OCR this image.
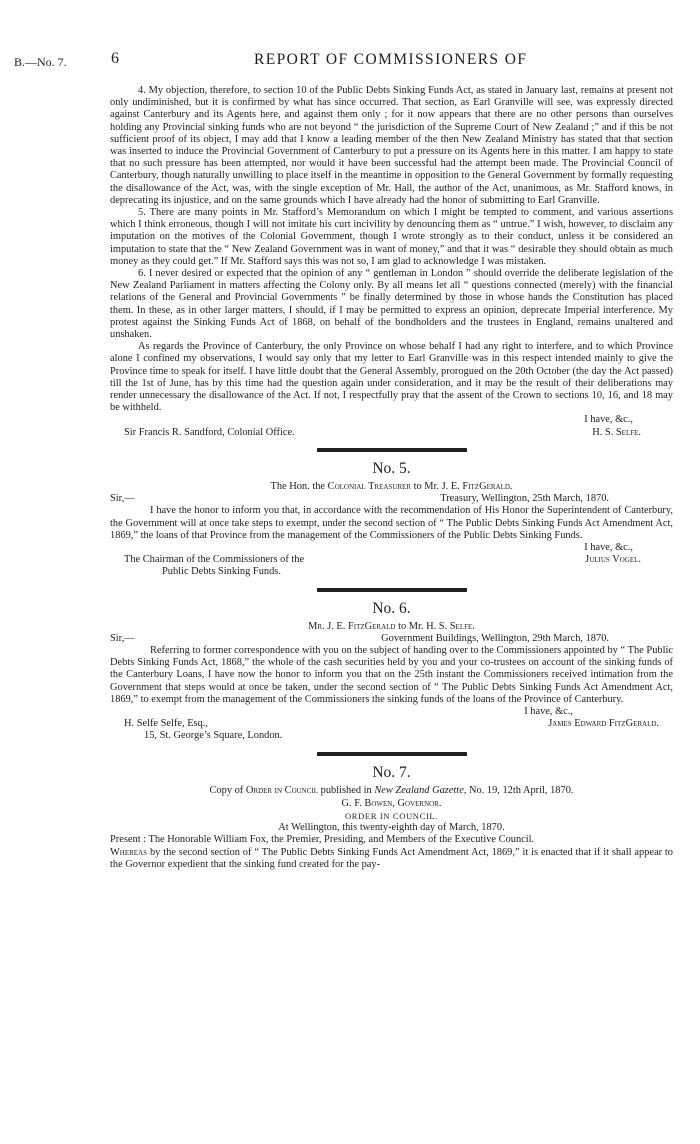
B.—No. 7.	6	REPORT OF COMMISSIONERS OF

4. My objection, therefore, to section 10 of the Public Debts Sinking Funds Act, as stated in January last, remains at present not only undiminished, but it is confirmed by what has since occurred. That section, as Earl Granville will see, was expressly directed against Canterbury and its Agents here, and against them only ; for it now appears that there are no other persons than ourselves holding any Provincial sinking funds who are not beyond “ the jurisdiction of the Supreme Court of New Zealand ;” and if this be not sufficient proof of its object, I may add that I know a leading member of the then New Zealand Ministry has stated that that section was inserted to induce the Provincial Government of Canterbury to put a pressure on its Agents here in this matter. I am happy to state that no such pressure has been attempted, nor would it have been successful had the attempt been made. The Provincial Council of Canterbury, though naturally unwilling to place itself in the meantime in opposition to the General Government by formally requesting the disallowance of the Act, was, with the single exception of Mr. Hall, the author of the Act, unanimous, as Mr. Stafford knows, in deprecating its injustice, and on the same grounds which I have already had the honor of submitting to Earl Granville.

5. There are many points in Mr. Stafford’s Memorandum on which I might be tempted to comment, and various assertions which I think erroneous, though I will not imitate his curt incivility by denouncing them as “ untrue.” I wish, however, to disclaim any imputation on the motives of the Colonial Government, though I wrote strongly as to their conduct, unless it be considered an imputation to state that the “ New Zealand Government was in want of money,” and that it was “ desirable they should obtain as much money as they could get.” If Mr. Stafford says this was not so, I am glad to acknowledge I was mistaken.

6. I never desired or expected that the opinion of any “ gentleman in London ” should override the deliberate legislation of the New Zealand Parliament in matters affecting the Colony only. By all means let all “ questions connected (merely) with the financial relations of the General and Provincial Governments ” be finally determined by those in whose hands the Constitution has placed them. In these, as in other larger matters, I should, if I may be permitted to express an opinion, deprecate Imperial interference. My protest against the Sinking Funds Act of 1868, on behalf of the bondholders and the trustees in England, remains unaltered and unshaken.

As regards the Province of Canterbury, the only Province on whose behalf I had any right to interfere, and to which Province alone I confined my observations, I would say only that my letter to Earl Granville was in this respect intended mainly to give the Province time to speak for itself. I have little doubt that the General Assembly, prorogued on the 20th October (the day the Act passed) till the 1st of June, has by this time had the question again under consideration, and it may be the result of their deliberations may render unnecessary the disallowance of the Act. If not, I respectfully pray that the assent of the Crown to sections 10, 16, and 18 may be withheld.

I have, &c.,

Sir Francis R. Sandford, Colonial Office.	H. S. Selfe.
No. 5.

The Hon. the Colonial Treasurer to Mr. J. E. FitzGerald.

Sir,—	Treasury, Wellington, 25th March, 1870.

I have the honor to inform you that, in accordance with the recommendation of His Honor the Superintendent of Canterbury, the Government will at once take steps to exempt, under the second section of “ The Public Debts Sinking Funds Act Amendment Act, 1869,” the loans of that Province from the management of the Commissioners of the Public Debts Sinking Funds.

I have, &c.,

The Chairman of the Commissioners of the	Julius Vogel.

Public Debts Sinking Funds.

No. 6.

Mr. J. E. FitzGerald to Mr. H. S. Selfe.

Sir,—	Government Buildings, Wellington, 29th March, 1870.

Referring to former correspondence with you on the subject of handing over to the Commissioners appointed by “ The Public Debts Sinking Funds Act, 1868,” the whole of the cash securities held by you and your co-trustees on account of the sinking funds of the Canterbury Loans, I have now the honor to inform you that on the 25th instant the Commissioners received intimation from the Government that steps would at once be taken, under the second section of “ The Public Debts Sinking Funds Act Amendment Act, 1869,” to exempt from the management of the Commissioners the sinking funds of the loans of the Province of Canterbury.

I have, &c.,

H. Selfe Selfe, Esq.,	James Edward FitzGerald.

15, St. George’s Square, London.

No. 7.

Copy of Order in Council published in New Zealand Gazette, No. 19, 12th April, 1870.

G. F. Bowen, Governor.

ORDER IN COUNCIL.

At Wellington, this twenty-eighth day of March, 1870.

Present : The Honorable William Fox, the Premier, Presiding, and Members of the Executive Council.

Whereas by the second section of “ The Public Debts Sinking Funds Act Amendment Act, 1869,” it is enacted that if it shall appear to the Governor expedient that the sinking fund created for the pay-
